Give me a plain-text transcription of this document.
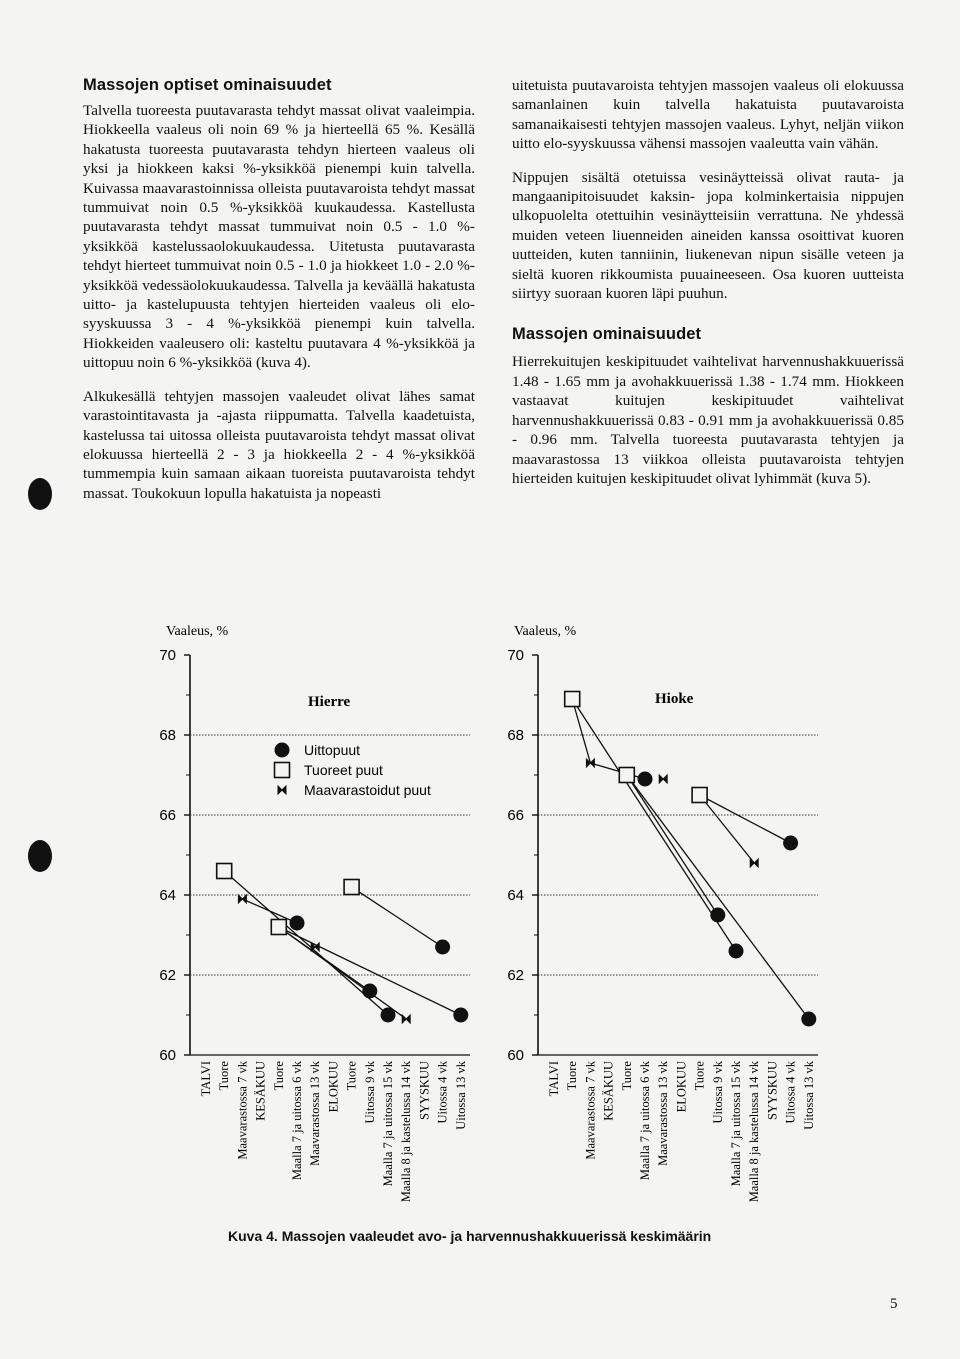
Massojen optiset ominaisuudet

Talvella tuoreesta puutavarasta tehdyt massat olivat vaaleimpia. Hiokkeella vaaleus oli noin 69 % ja hierteellä 65 %. Kesällä hakatusta tuoreesta puutavarasta tehdyn hierteen vaaleus oli yksi ja hiokkeen kaksi %-yksikköä pienempi kuin talvella. Kuivassa maavarastoinnissa olleista puutavaroista tehdyt massat tummuivat noin 0.5 %-yksikköä kuukaudessa. Kastellusta puutavarasta tehdyt massat tummuivat noin 0.5 - 1.0 %-yksikköä kastelussaolokuukaudessa. Uitetusta puutavarasta tehdyt hierteet tummuivat noin 0.5 - 1.0 ja hiokkeet 1.0 - 2.0 %-yksikköä vedessäolokuukaudessa. Talvella ja keväällä hakatusta uitto- ja kastelupuusta tehtyjen hierteiden vaaleus oli elo-syyskuussa 3 - 4 %-yksikköä pienempi kuin talvella. Hiokkeiden vaaleusero oli: kasteltu puutavara 4 %-yksikköä ja uittopuu noin 6 %-yksikköä (kuva 4).

Alkukesällä tehtyjen massojen vaaleudet olivat lähes samat varastointitavasta ja -ajasta riippumatta. Talvella kaadetuista, kastelussa tai uitossa olleista puutavaroista tehdyt massat olivat elokuussa hierteellä 2 - 3 ja hiokkeella 2 - 4 %-yksikköä tummempia kuin samaan aikaan tuoreista puutavaroista tehdyt massat. Toukokuun lopulla hakatuista ja nopeasti

uitetuista puutavaroista tehtyjen massojen vaaleus oli elokuussa samanlainen kuin talvella hakatuista puutavaroista samanaikaisesti tehtyjen massojen vaaleus. Lyhyt, neljän viikon uitto elo-syyskuussa vähensi massojen vaaleutta vain vähän.

Nippujen sisältä otetuissa vesinäytteissä olivat rauta- ja mangaanipitoisuudet kaksin- jopa kolminkertaisia nippujen ulkopuolelta otettuihin vesinäytteisiin verrattuna. Ne yhdessä muiden veteen liuenneiden aineiden kanssa osoittivat kuoren uutteiden, kuten tanniinin, liukenevan nipun sisälle veteen ja sieltä kuoren rikkoumista puuaineeseen. Osa kuoren uutteista siirtyy suoraan kuoren läpi puuhun.

Massojen ominaisuudet

Hierrekuitujen keskipituudet vaihtelivat harvennushakkuuerissä 1.48 - 1.65 mm ja avohakkuuerissä 1.38 - 1.74 mm. Hiokkeen vastaavat kuitujen keskipituudet vaihtelivat harvennushakkuuerissä 0.83 - 0.91 mm ja avohakkuuerissä 0.85 - 0.96 mm. Talvella tuoreesta puutavarasta tehtyjen ja maavarastossa 13 viikkoa olleista puutavaroista tehtyjen hierteiden kuitujen keskipituudet olivat lyhimmät (kuva 5).

Vaaleus, %
60
62
64
66
68
70
TALVI Tuore Maavarastossa 7 vk KESÄKUU Tuore Maalla 7 ja uitossa 6 vk Maavarastossa 13 vk ELOKUU Tuore Uitossa 9 vk Maalla 7 ja uitossa 15 vk Maalla 8 ja kastelussa 14 vk SYYSKUU Uitossa 4 vk Uitossa 13 vk
Hierre
Uittopuut
Tuoreet puut
Maavarastoidut puut
Vaaleus, %
60
62
64
66
68
70
TALVI Tuore Maavarastossa 7 vk KESÄKUU Tuore Maalla 7 ja uitossa 6 vk Maavarastossa 13 vk ELOKUU Tuore Uitossa 9 vk Maalla 7 ja uitossa 15 vk Maalla 8 ja kastelussa 14 vk SYYSKUU Uitossa 4 vk Uitossa 13 vk
Hioke
Kuva 4. Massojen vaaleudet avo- ja harvennushakkuuerissä keskimäärin
5
